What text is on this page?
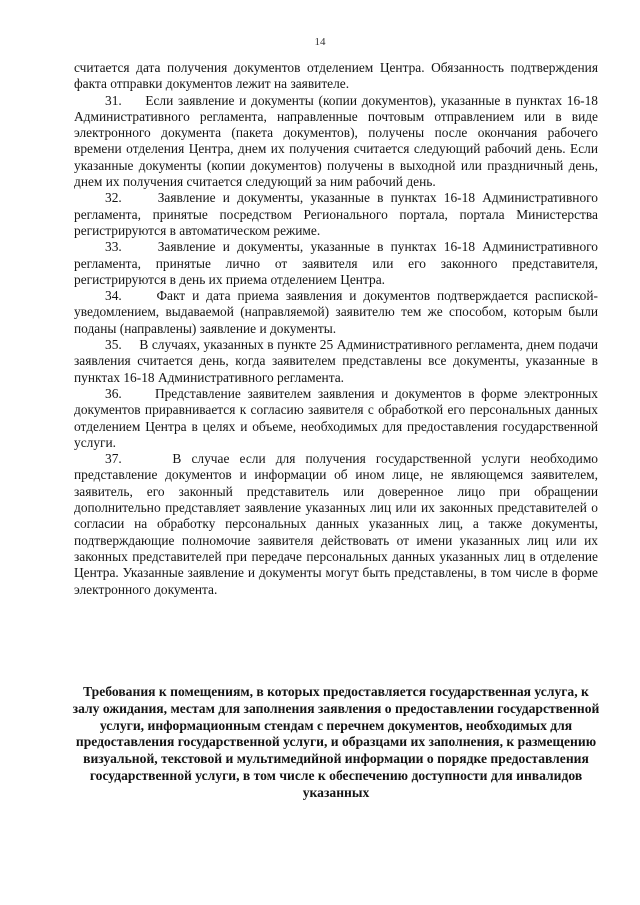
14

считается дата получения документов отделением Центра. Обязанность подтверждения факта отправки документов лежит на заявителе.

31. Если заявление и документы (копии документов), указанные в пунктах 16-18 Административного регламента, направленные почтовым отправлением или в виде электронного документа (пакета документов), получены после окончания рабочего времени отделения Центра, днем их получения считается следующий рабочий день. Если указанные документы (копии документов) получены в выходной или праздничный день, днем их получения считается следующий за ним рабочий день.

32.	Заявление и документы, указанные в пунктах 16-18 Административного регламента, принятые посредством Регионального портала, портала Министерства регистрируются в автоматическом режиме.

33.	Заявление и документы, указанные в пунктах 16-18 Административного регламента, принятые лично от заявителя или его законного представителя, регистрируются в день их приема отделением Центра.

34.	Факт и дата приема заявления и документов подтверждается распиской-уведомлением, выдаваемой (направляемой) заявителю тем же способом, которым были поданы (направлены) заявление и документы.

35. В случаях, указанных в пункте 25 Административного регламента, днем подачи заявления считается день, когда заявителем представлены все документы, указанные в пунктах 16-18 Административного регламента.

36. Представление заявителем заявления и документов в форме электронных документов приравнивается к согласию заявителя с обработкой его персональных данных отделением Центра в целях и объеме, необходимых для предоставления государственной услуги.

37.	В случае если для получения государственной услуги необходимо представление документов и информации об ином лице, не являющемся заявителем, заявитель, его законный представитель или доверенное лицо при обращении дополнительно представляет заявление указанных лиц или их законных представителей о согласии на обработку персональных данных указанных лиц, а также документы, подтверждающие полномочие заявителя действовать от имени указанных лиц или их законных представителей при передаче персональных данных указанных лиц в отделение Центра. Указанные заявление и документы могут быть представлены, в том числе в форме электронного документа.

Требования к помещениям, в которых предоставляется государственная услуга, к залу ожидания, местам для заполнения заявления о предоставлении государственной услуги, информационным стендам с перечнем документов, необходимых для предоставления государственной услуги, и образцами их заполнения, к размещению визуальной, текстовой и мультимедийной информации о порядке предоставления государственной услуги, в том числе к обеспечению доступности для инвалидов указанных
